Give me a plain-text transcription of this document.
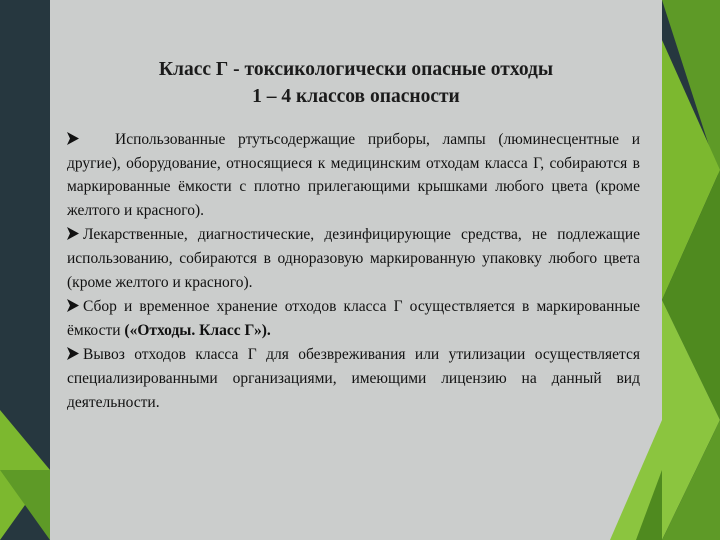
Класс Г - токсикологически опасные отходы
1 – 4 классов опасности

Использованные ртутьсодержащие приборы, лампы (люминесцентные и другие), оборудование, относящиеся к медицинским отходам класса Г, собираются в маркированные ёмкости с плотно прилегающими крышками любого цвета (кроме желтого и красного).

Лекарственные, диагностические, дезинфицирующие средства, не подлежащие использованию, собираются в одноразовую маркированную упаковку любого цвета (кроме желтого и красного).

Сбор и временное хранение отходов класса Г осуществляется в маркированные ёмкости («Отходы. Класс Г»).

Вывоз отходов класса Г для обезвреживания или утилизации осуществляется специализированными организациями, имеющими лицензию на данный вид деятельности.
